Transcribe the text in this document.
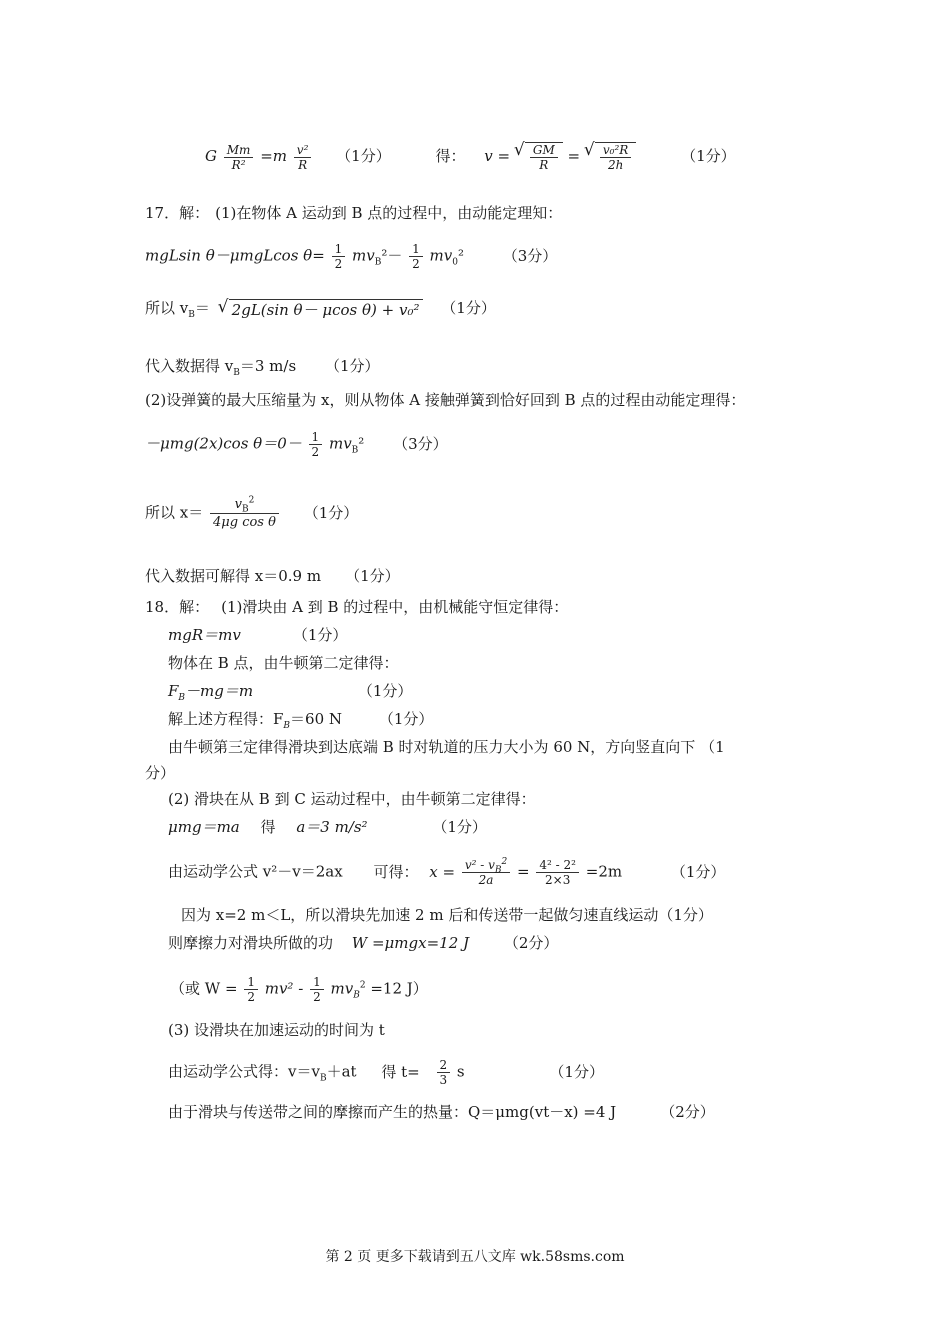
G $\frac{Mm}{\text{R²}} =m \frac{\text{v²}}{R} (1$分）	得： v = √ $\frac{GM}{R}$ = √ $\frac{\text{v₀²R}}{2h}$	（1分）
17．解： (1)在物体 A 运动到 B 点的过程中，由动能定理知：
mgLsin θ－μmgLcos $\theta= \frac{1}{2} mv_B^2- \frac{1}{2} mv_0^2$	（3分）
所以 $v_B=$ √ 2gL(sin θ－ μcos θ) + v₀² （1分）
代入数据得 $v_B=3$ m/s （1分）
(2)设弹簧的最大压缩量为 x，则从物体 A 接触弹簧到恰好回到 B 点的过程由动能定理得：
－μmg(2x)cos $\theta=0- \frac{1}{2} mv_B^2$ （3分）
所以 $x= \frac{v_B^2}{\text{4μg cos θ}} (1$分）
代入数据可解得 x＝0.9 m （1分）
18．解： (1)滑块由 A 到 B 的过程中，由机械能守恒定律得：
mgR＝mv	（1分）
物体在 B 点，由牛顿第二定律得：
$F_B-mg=m$	（1分）
解上述方程得：$F_B=60$ N （1分）
由牛顿第三定律得滑块到达底端 B 时对轨道的压力大小为 60 N，方向竖直向下 （1
分）
(2) 滑块在从 B 到 C 运动过程中，由牛顿第二定律得：
μmg＝ma 得 a＝3 m/s²	（1分）
由运动学公式 v²－v＝2ax 可得： $x = \frac{v^2 - v_B^2}{2a} = \frac{\text{4² - 2²}}{2\times 3} =2m$	（1分）
因为 x=2 m＜L，所以滑块先加速 2 m 后和传送带一起做匀速直线运动（1分）
则摩擦力对滑块所做的功 W =μmgx=12 J （2分）
（或 $W = \frac{1}{2} mv^2 - \frac{1}{2} mv_B^2 =12$ J）
(3) 设滑块在加速运动的时间为 t
由运动学公式得：$v=v_B+at$ 得 $t= \frac{2}{3}$ s	（1分）
由于滑块与传送带之间的摩擦而产生的热量：Q＝μmg(vt－x) =4 J	（2分）
第 2 页 更多下载请到五八文库 wk.58sms.com
